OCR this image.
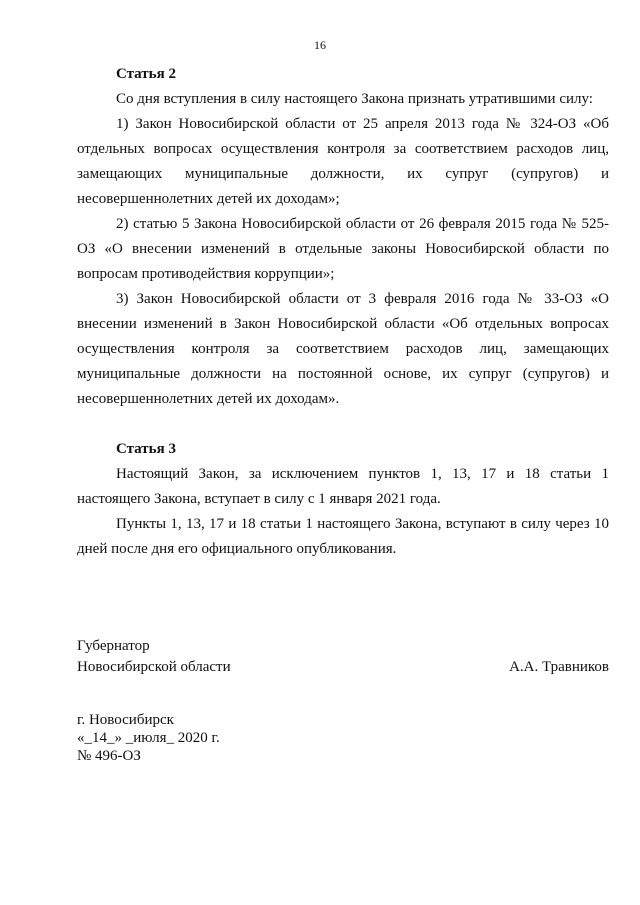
16

Статья 2

Со дня вступления в силу настоящего Закона признать утратившими силу:

1) Закон Новосибирской области от 25 апреля 2013 года № 324-ОЗ «Об отдельных вопросах осуществления контроля за соответствием расходов лиц, замещающих муниципальные должности, их супруг (супругов) и несовершеннолетних детей их доходам»;

2) статью 5 Закона Новосибирской области от 26 февраля 2015 года № 525-ОЗ «О внесении изменений в отдельные законы Новосибирской области по вопросам противодействия коррупции»;

3) Закон Новосибирской области от 3 февраля 2016 года № 33-ОЗ «О внесении изменений в Закон Новосибирской области «Об отдельных вопросах осуществления контроля за соответствием расходов лиц, замещающих муниципальные должности на постоянной основе, их супруг (супругов) и несовершеннолетних детей их доходам».

Статья 3

Настоящий Закон, за исключением пунктов 1, 13, 17 и 18 статьи 1 настоящего Закона, вступает в силу с 1 января 2021 года.

Пункты 1, 13, 17 и 18 статьи 1 настоящего Закона, вступают в силу через 10 дней после дня его официального опубликования.

Губернатор
Новосибирской области	А.А. Травников
г. Новосибирск
«_14_» _июля_ 2020 г.
№ 496-ОЗ
